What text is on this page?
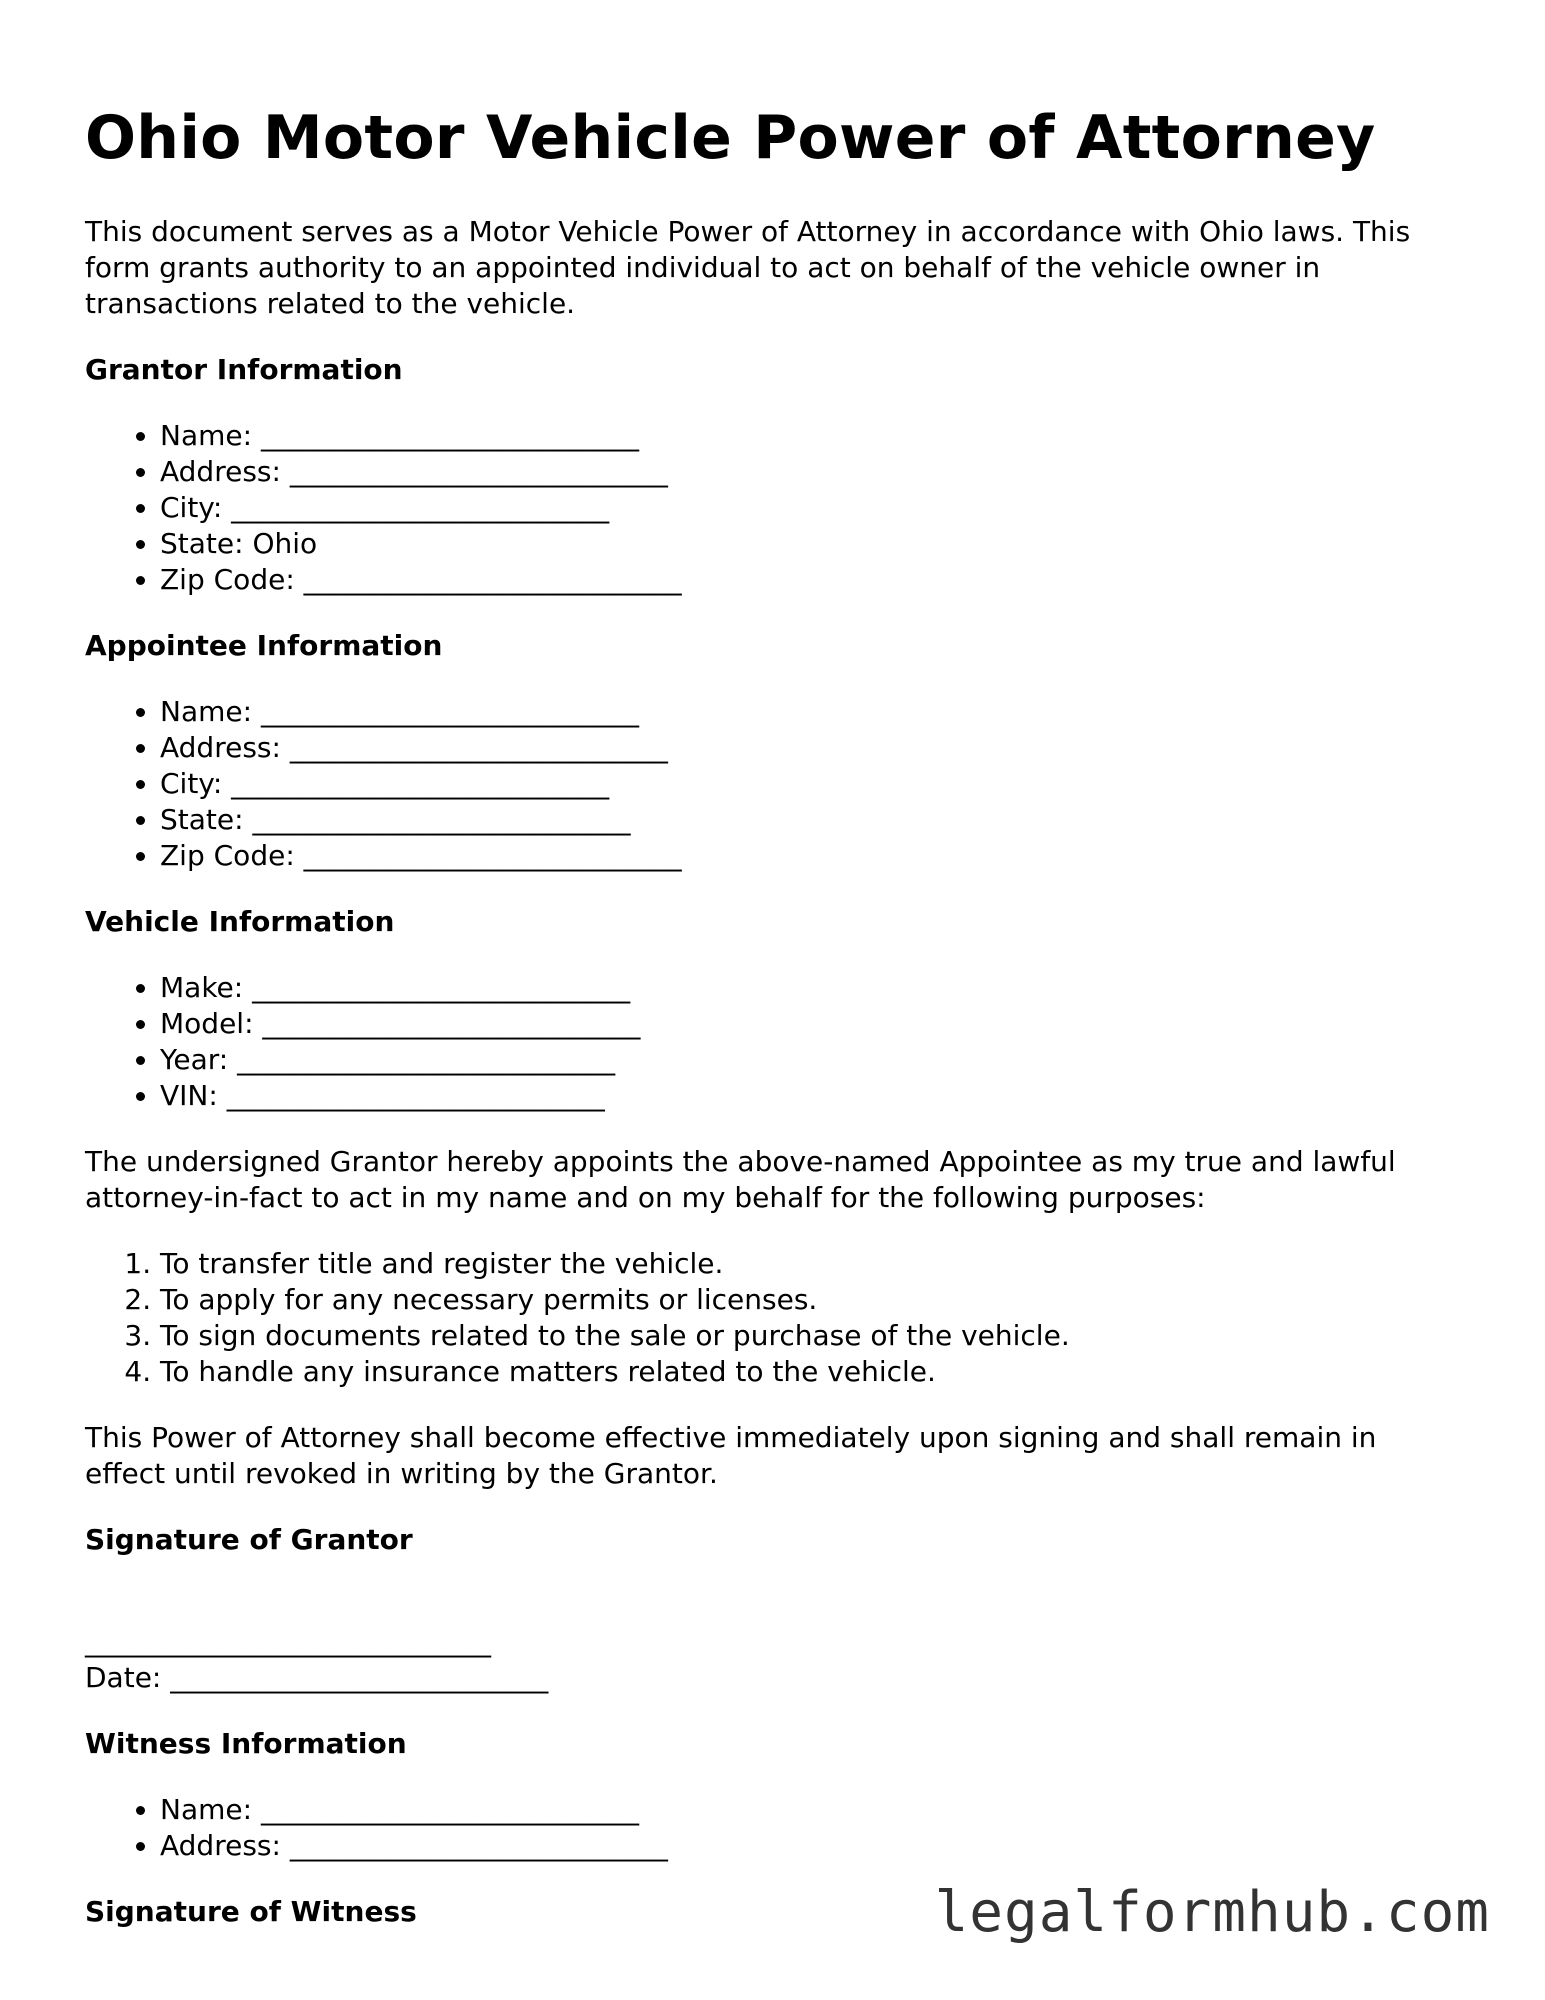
Ohio Motor Vehicle Power of Attorney

This document serves as a Motor Vehicle Power of Attorney in accordance with Ohio laws. This form grants authority to an appointed individual to act on behalf of the vehicle owner in transactions related to the vehicle.

Grantor Information
• Name: ___________________________
• Address: ___________________________
• City: ___________________________
• State: Ohio
• Zip Code: ___________________________
Appointee Information
• Name: ___________________________
• Address: ___________________________
• City: ___________________________
• State: ___________________________
• Zip Code: ___________________________
Vehicle Information
• Make: ___________________________
• Model: ___________________________
• Year: ___________________________
• VIN: ___________________________

The undersigned Grantor hereby appoints the above-named Appointee as my true and lawful attorney-in-fact to act in my name and on my behalf for the following purposes:

1. To transfer title and register the vehicle.
2. To apply for any necessary permits or licenses.
3. To sign documents related to the sale or purchase of the vehicle.
4. To handle any insurance matters related to the vehicle.

This Power of Attorney shall become effective immediately upon signing and shall remain in effect until revoked in writing by the Grantor.

Signature of Grantor
_____________________________
Date: ___________________________
Witness Information
• Name: ___________________________
• Address: ___________________________
Signature of Witness	legalformhub.com
